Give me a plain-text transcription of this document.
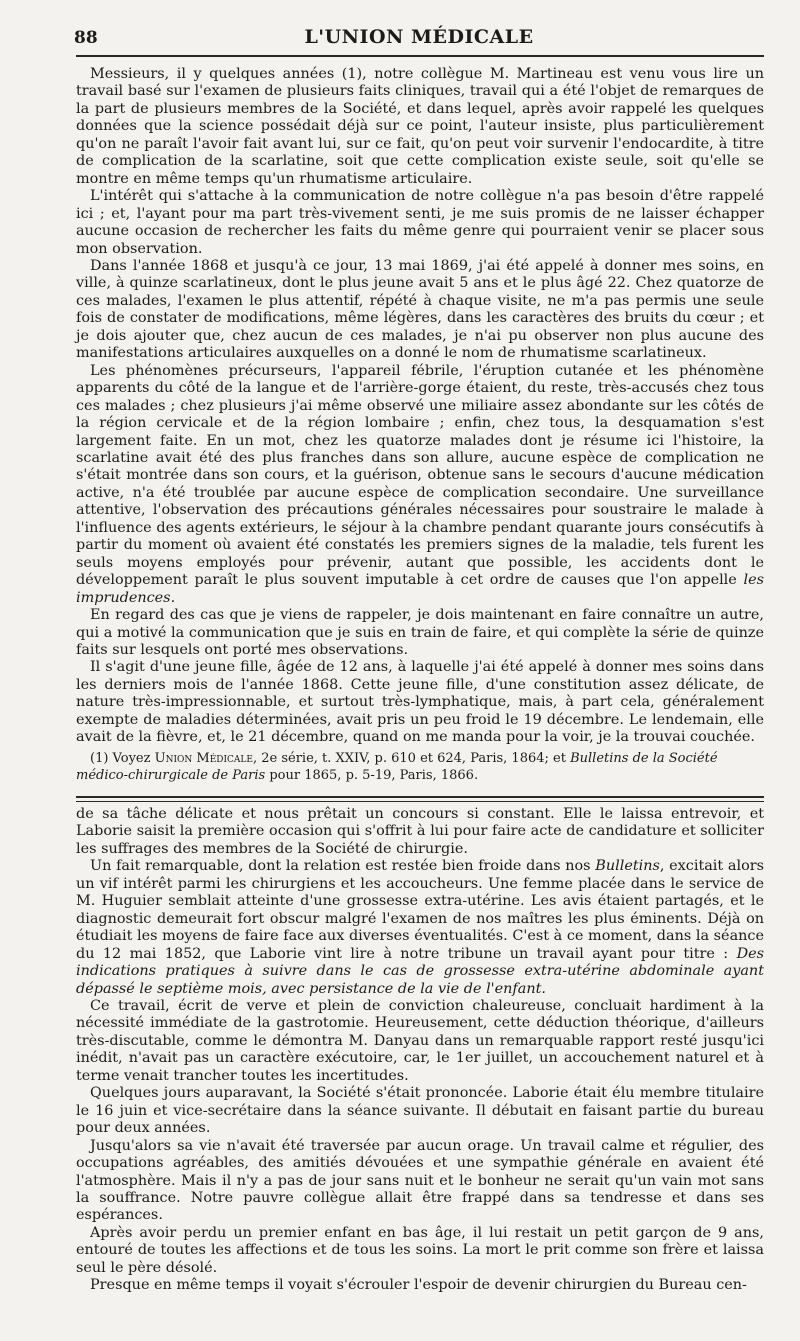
88	L'UNION MÉDICALE

Messieurs, il y quelques années (1), notre collègue M. Martineau est venu vous lire un travail basé sur l'examen de plusieurs faits cliniques, travail qui a été l'objet de remarques de la part de plusieurs membres de la Société, et dans lequel, après avoir rappelé les quelques données que la science possédait déjà sur ce point, l'auteur insiste, plus particulièrement qu'on ne paraît l'avoir fait avant lui, sur ce fait, qu'on peut voir survenir l'endocardite, à titre de complication de la scarlatine, soit que cette complication existe seule, soit qu'elle se montre en même temps qu'un rhumatisme articulaire.

L'intérêt qui s'attache à la communication de notre collègue n'a pas besoin d'être rappelé ici ; et, l'ayant pour ma part très-vivement senti, je me suis promis de ne laisser échapper aucune occasion de rechercher les faits du même genre qui pourraient venir se placer sous mon observation.

Dans l'année 1868 et jusqu'à ce jour, 13 mai 1869, j'ai été appelé à donner mes soins, en ville, à quinze scarlatineux, dont le plus jeune avait 5 ans et le plus âgé 22. Chez quatorze de ces malades, l'examen le plus attentif, répété à chaque visite, ne m'a pas permis une seule fois de constater de modifications, même légères, dans les caractères des bruits du cœur ; et je dois ajouter que, chez aucun de ces malades, je n'ai pu observer non plus aucune des manifestations articulaires auxquelles on a donné le nom de rhumatisme scarlatineux.

Les phénomènes précurseurs, l'appareil fébrile, l'éruption cutanée et les phénomène apparents du côté de la langue et de l'arrière-gorge étaient, du reste, très-accusés chez tous ces malades ; chez plusieurs j'ai même observé une miliaire assez abondante sur les côtés de la région cervicale et de la région lombaire ; enfin, chez tous, la desquamation s'est largement faite. En un mot, chez les quatorze malades dont je résume ici l'histoire, la scarlatine avait été des plus franches dans son allure, aucune espèce de complication ne s'était montrée dans son cours, et la guérison, obtenue sans le secours d'aucune médication active, n'a été troublée par aucune espèce de complication secondaire. Une surveillance attentive, l'observation des précautions générales nécessaires pour soustraire le malade à l'influence des agents extérieurs, le séjour à la chambre pendant quarante jours consécutifs à partir du moment où avaient été constatés les premiers signes de la maladie, tels furent les seuls moyens employés pour prévenir, autant que possible, les accidents dont le développement paraît le plus souvent imputable à cet ordre de causes que l'on appelle les imprudences.

En regard des cas que je viens de rappeler, je dois maintenant en faire connaître un autre, qui a motivé la communication que je suis en train de faire, et qui complète la série de quinze faits sur lesquels ont porté mes observations.

Il s'agit d'une jeune fille, âgée de 12 ans, à laquelle j'ai été appelé à donner mes soins dans les derniers mois de l'année 1868. Cette jeune fille, d'une constitution assez délicate, de nature très-impressionnable, et surtout très-lymphatique, mais, à part cela, généralement exempte de maladies déterminées, avait pris un peu froid le 19 décembre. Le lendemain, elle avait de la fièvre, et, le 21 décembre, quand on me manda pour la voir, je la trouvai couchée.

(1) Voyez Union Médicale, 2e série, t. XXIV, p. 610 et 624, Paris, 1864; et Bulletins de la Société médico-chirurgicale de Paris pour 1865, p. 5-19, Paris, 1866.

de sa tâche délicate et nous prêtait un concours si constant. Elle le laissa entrevoir, et Laborie saisit la première occasion qui s'offrit à lui pour faire acte de candidature et solliciter les suffrages des membres de la Société de chirurgie.

Un fait remarquable, dont la relation est restée bien froide dans nos Bulletins, excitait alors un vif intérêt parmi les chirurgiens et les accoucheurs. Une femme placée dans le service de M. Huguier semblait atteinte d'une grossesse extra-utérine. Les avis étaient partagés, et le diagnostic demeurait fort obscur malgré l'examen de nos maîtres les plus éminents. Déjà on étudiait les moyens de faire face aux diverses éventualités. C'est à ce moment, dans la séance du 12 mai 1852, que Laborie vint lire à notre tribune un travail ayant pour titre : Des indications pratiques à suivre dans le cas de grossesse extra-utérine abdominale ayant dépassé le septième mois, avec persistance de la vie de l'enfant.

Ce travail, écrit de verve et plein de conviction chaleureuse, concluait hardiment à la nécessité immédiate de la gastrotomie. Heureusement, cette déduction théorique, d'ailleurs très-discutable, comme le démontra M. Danyau dans un remarquable rapport resté jusqu'ici inédit, n'avait pas un caractère exécutoire, car, le 1er juillet, un accouchement naturel et à terme venait trancher toutes les incertitudes.

Quelques jours auparavant, la Société s'était prononcée. Laborie était élu membre titulaire le 16 juin et vice-secrétaire dans la séance suivante. Il débutait en faisant partie du bureau pour deux années.

Jusqu'alors sa vie n'avait été traversée par aucun orage. Un travail calme et régulier, des occupations agréables, des amitiés dévouées et une sympathie générale en avaient été l'atmosphère. Mais il n'y a pas de jour sans nuit et le bonheur ne serait qu'un vain mot sans la souffrance. Notre pauvre collègue allait être frappé dans sa tendresse et dans ses espérances.

Après avoir perdu un premier enfant en bas âge, il lui restait un petit garçon de 9 ans, entouré de toutes les affections et de tous les soins. La mort le prit comme son frère et laissa seul le père désolé.

Presque en même temps il voyait s'écrouler l'espoir de devenir chirurgien du Bureau cen-
